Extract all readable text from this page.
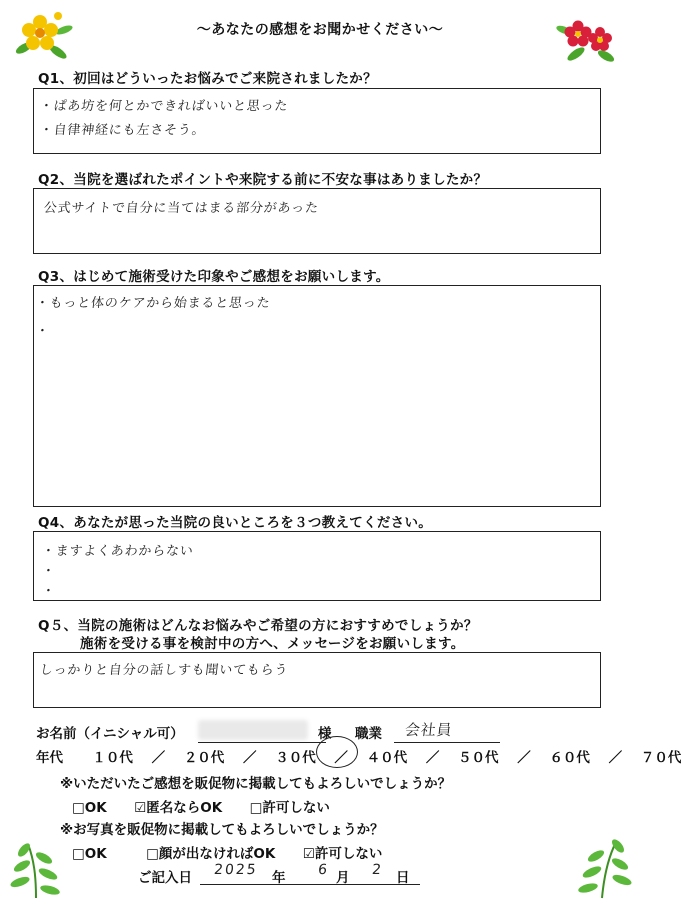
〜あなたの感想をお聞かせください〜
Q1、初回はどういったお悩みでご来院されましたか？
・ぱあ坊を何とかできればいいと思った
・自律神経にも左さそう。
Q2、当院を選ばれたポイントや来院する前に不安な事はありましたか？
公式サイトで自分に当てはまる部分があった
Q3、はじめて施術受けた印象やご感想をお願いします。
・もっと体のケアから始まると思った
・
Q4、あなたが思った当院の良いところを３つ教えてください。
・ますよくあわからない
・
・
Q５、当院の施術はどんなお悩みやご希望の方におすすめでしょうか？
施術を受ける事を検討中の方へ、メッセージをお願いします。
しっかりと自分の話しすも聞いてもらう
お名前（イニシャル可）	様 職業 会社員
年代 １０代 ／ ２０代 ／ ３０代 ／ ４０代 ／ ５０代 ／ ６０代 ／ ７０代
※いただいたご感想を販促物に掲載してもよろしいでしょうか？
□OK ☑匿名ならOK □許可しない
※お写真を販促物に掲載してもよろしいでしょうか？
□OK	□顔が出なければOK ☑許可しない
ご記入日 2025 年 6 月 2 日
